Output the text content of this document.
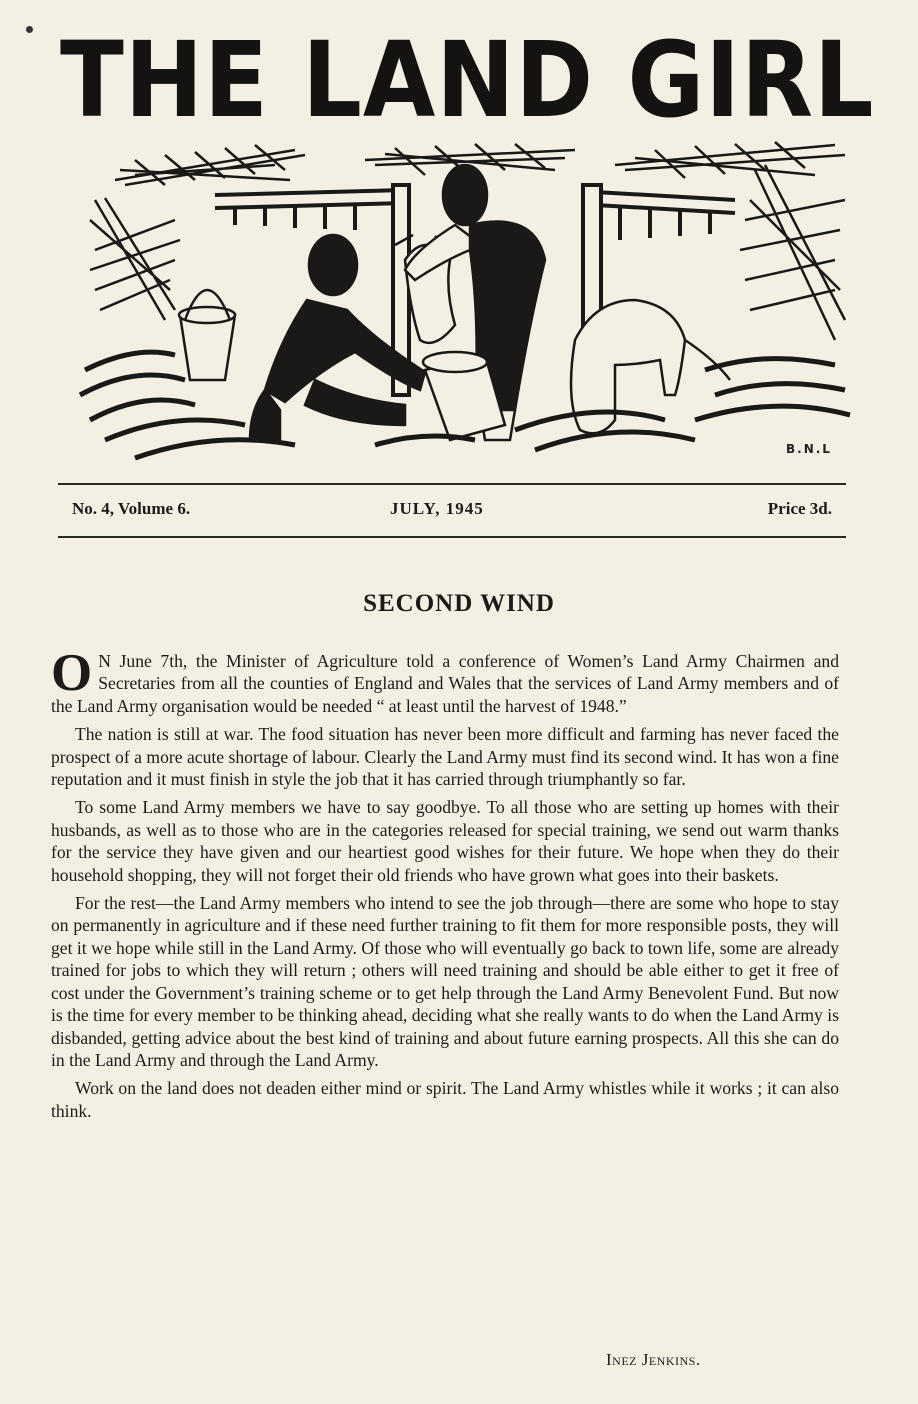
THE LAND GIRL
B.N.L
No. 4, Volume 6.	JULY, 1945	Price 3d.
SECOND WIND

O N June 7th, the Minister of Agriculture told a conference of Women’s Land Army Chairmen and Secretaries from all the counties of England and Wales that the services of Land Army members and of the Land Army organisation would be needed “ at least until the harvest of 1948.”

The nation is still at war. The food situation has never been more difficult and farming has never faced the prospect of a more acute shortage of labour. Clearly the Land Army must find its second wind. It has won a fine reputation and it must finish in style the job that it has carried through triumphantly so far.

To some Land Army members we have to say goodbye. To all those who are setting up homes with their husbands, as well as to those who are in the categories released for special training, we send out warm thanks for the service they have given and our heartiest good wishes for their future. We hope when they do their household shopping, they will not forget their old friends who have grown what goes into their baskets.

For the rest—the Land Army members who intend to see the job through—there are some who hope to stay on permanently in agriculture and if these need further training to fit them for more responsible posts, they will get it we hope while still in the Land Army. Of those who will eventually go back to town life, some are already trained for jobs to which they will return ; others will need training and should be able either to get it free of cost under the Government’s training scheme or to get help through the Land Army Benevolent Fund. But now is the time for every member to be thinking ahead, deciding what she really wants to do when the Land Army is disbanded, getting advice about the best kind of training and about future earning prospects. All this she can do in the Land Army and through the Land Army.

Work on the land does not deaden either mind or spirit. The Land Army whistles while it works ; it can also think.

Inez Jenkins.
